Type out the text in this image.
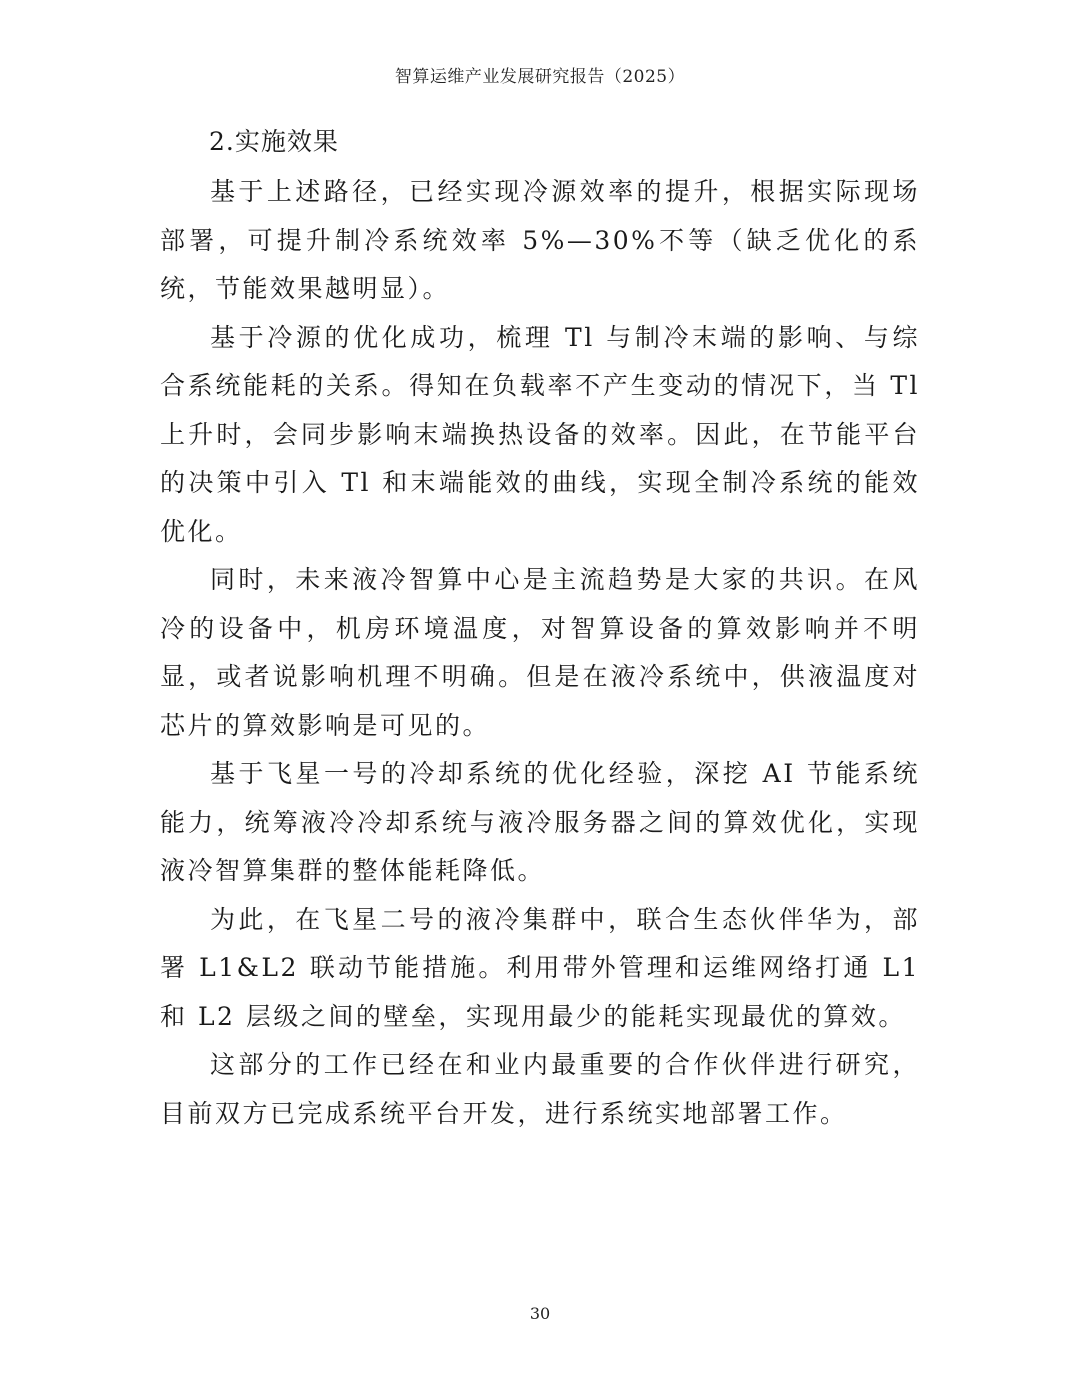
智算运维产业发展研究报告（2025）
2.实施效果

基于上述路径，已经实现冷源效率的提升，根据实际现场部署，可提升制冷系统效率 5%—30%不等（缺乏优化的系统，节能效果越明显）。

基于冷源的优化成功，梳理 Tl 与制冷末端的影响、与综合系统能耗的关系。得知在负载率不产生变动的情况下，当 Tl 上升时，会同步影响末端换热设备的效率。因此，在节能平台的决策中引入 Tl 和末端能效的曲线，实现全制冷系统的能效优化。

同时，未来液冷智算中心是主流趋势是大家的共识。在风冷的设备中，机房环境温度，对智算设备的算效影响并不明显，或者说影响机理不明确。但是在液冷系统中，供液温度对芯片的算效影响是可见的。

基于飞星一号的冷却系统的优化经验，深挖 AI 节能系统能力，统筹液冷冷却系统与液冷服务器之间的算效优化，实现液冷智算集群的整体能耗降低。

为此，在飞星二号的液冷集群中，联合生态伙伴华为，部署 L1&L2 联动节能措施。利用带外管理和运维网络打通 L1 和 L2 层级之间的壁垒，实现用最少的能耗实现最优的算效。

这部分的工作已经在和业内最重要的合作伙伴进行研究，目前双方已完成系统平台开发，进行系统实地部署工作。

30
